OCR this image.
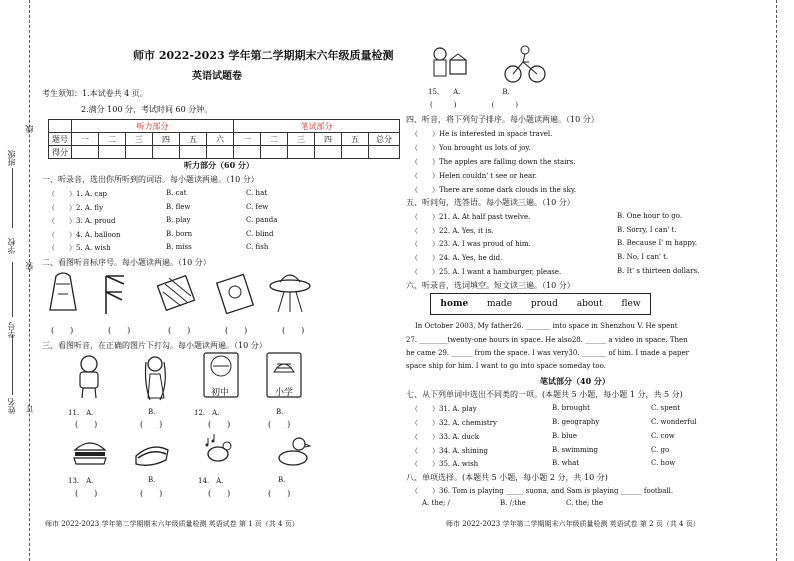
姓名
学号
学校
班级
订
装
线
师市 2022-2023 学年第二学期期末六年级质量检测
英语试题卷
考生须知：1.本试卷共 4 页。
2.满分 100 分，考试时间 60 分钟。
	听力部分						笔试部分					
题号	一	二	三	四	五	六	一	二	三	四	五	总分
得分												
听力部分（60 分）
一、听录音，选出你所听到的词语。每小题读两遍。（10 分）
（　　）1. A. cap	B. cat	C. hat
（　　）2. A. fly	B. flew	C. few
（　　）3. A. proud	B. play	C. panda
（　　）4. A. balloon	B. born	C. blind
（　　）5. A. wish	B. miss	C. fish
二、看图听音标序号。每小题读两遍。（10 分）
(　　)	(　　)	(　　)	(　　)	(　　)
三、看图听音，在正确的图片下打勾。每小题读两遍。（10 分）
初中	小学
11.　A.	B.	12.　A.	B.
(　　)	(　　)	(　　)	(　　)
13.　A.	B.	14.　A.	B.
(　　)	(　　)	(　　)	(　　)
师市 2022-2023 学年第二学期期末六年级质量检测 英语试卷 第 1 页（共 4 页）
15.　　A.　　　　　　B.
(　　　)　　　　　(　　　)
四、听音，将下列句子排序。每小题读两遍。（10 分）
（　　）He is interested in space travel.
（　　）You brought us lots of joy.
（　　）The apples are falling down the stairs.
（　　）Helen couldn' t see or hear.
（　　）There are some dark clouds in the sky.
五、听问句，选答语。每小题读三遍。（10 分）
（　　）21. A. At half past twelve.	B. One hour to go.
（　　）22. A. Yes, it is.	B. Sorry, I can' t.
（　　）23. A. I was proud of him.	B. Because I' m happy.
（　　）24. A. Yes, he did.	B. No, I can' t.
（　　）25. A. I want a hamburger, please.	B. It' s thirteen dollars.
六、听录音，选词填空。短文读三遍。（10 分）
home made proud about flew
In October 2003, My father26. _______ into space in Shenzhou V. He spent
27. ________twenty-one hours in space. He also28. ______ a video in space. Then
he came 29. ______ from the space. I was very30. _______ of him. I made a paper
space ship for him. I want to go into space someday too.
笔试部分（40 分）
七、从下列单词中选出不同类的一项。(本题共 5 小题，每小题 1 分，共 5 分)
（　　）31. A. play	B. brought	C. spent
（　　）32. A. chemistry	B. geography	C. wonderful
（　　）33. A. duck	B. blue	C. cow
（　　）34. A. shining	B. swimming	C. go
（　　）35. A. wish	B. what	C. how
八、单项选择。(本题共 5 小题，每小题 2 分，共 10 分)
（　　）36. Tom is playing _____ suona, and Sam is playing ______ football.
A. the; /	B. /;the	C. the; the
师市 2022-2023 学年第二学期期末六年级质量检测 英语试卷 第 2 页（共 4 页）
